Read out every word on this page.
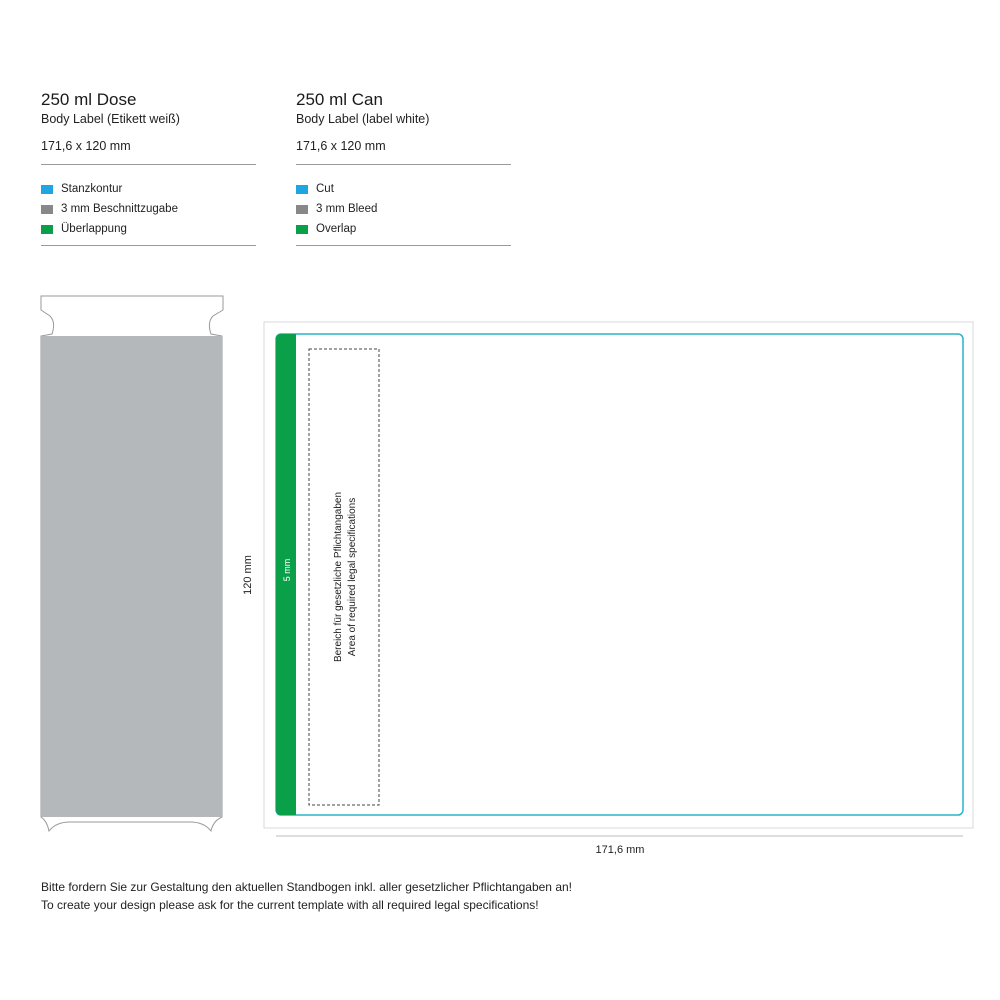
250 ml Dose
Body Label (Etikett weiß)
171,6 x 120 mm
Stanzkontur
3 mm Beschnittzugabe
Überlappung
250 ml Can
Body Label (label white)
171,6 x 120 mm
Cut
3 mm Bleed
Overlap
120 mm	5 mm	Bereich für gesetzliche Pflichtangaben Area of required legal specifications
171,6 mm
Bitte fordern Sie zur Gestaltung den aktuellen Standbogen inkl. aller gesetzlicher Pflichtangaben an!
To create your design please ask for the current template with all required legal specifications!
